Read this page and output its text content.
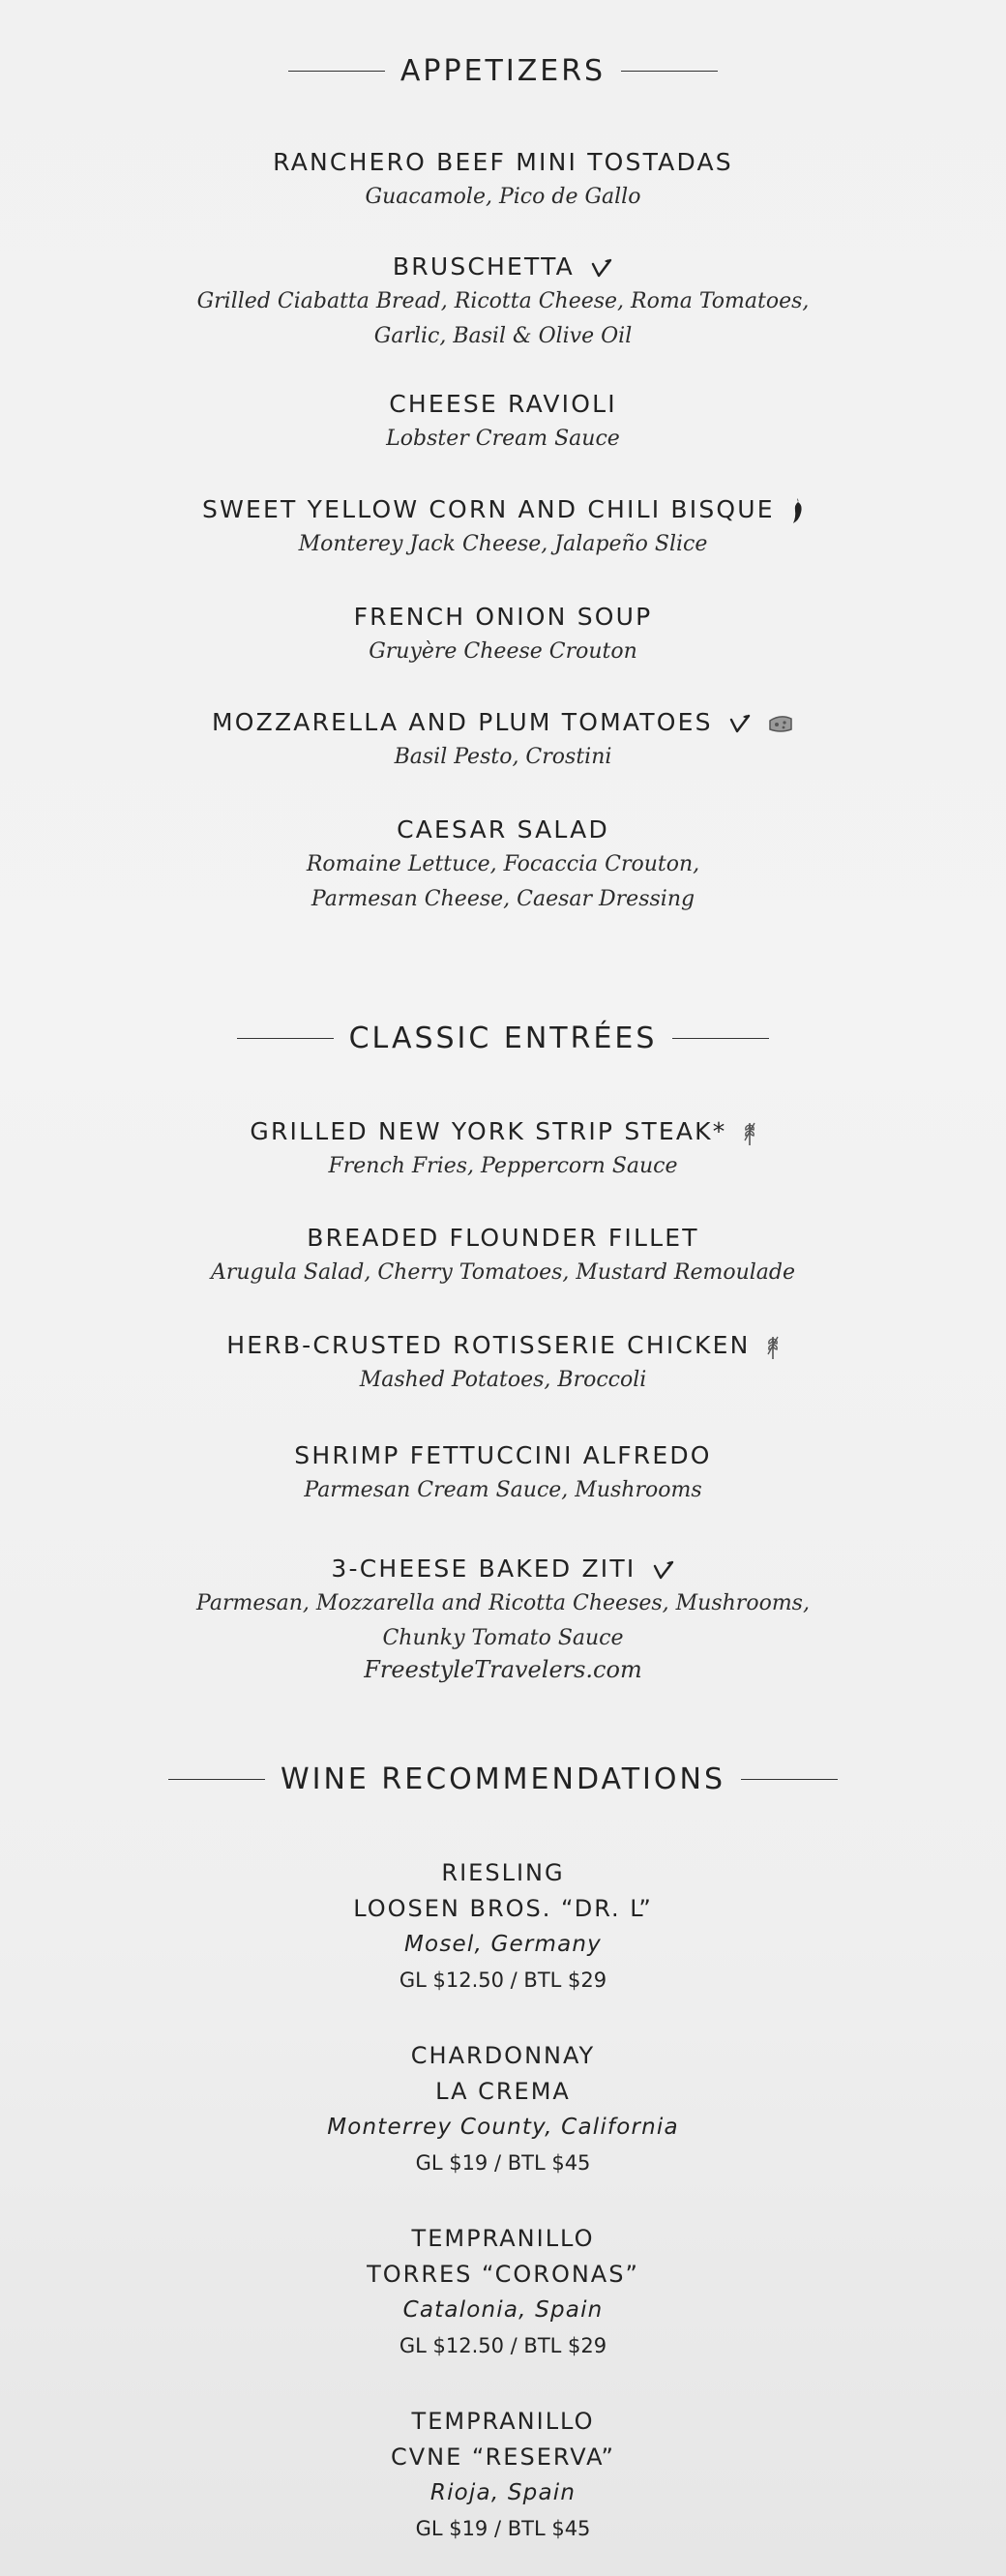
APPETIZERS
RANCHERO BEEF MINI TOSTADAS
Guacamole, Pico de Gallo
BRUSCHETTA
Grilled Ciabatta Bread, Ricotta Cheese, Roma Tomatoes,
Garlic, Basil & Olive Oil
CHEESE RAVIOLI
Lobster Cream Sauce
SWEET YELLOW CORN AND CHILI BISQUE
Monterey Jack Cheese, Jalapeño Slice
FRENCH ONION SOUP
Gruyère Cheese Crouton
MOZZARELLA AND PLUM TOMATOES
Basil Pesto, Crostini
CAESAR SALAD
Romaine Lettuce, Focaccia Crouton,
Parmesan Cheese, Caesar Dressing
CLASSIC ENTRÉES
GRILLED NEW YORK STRIP STEAK*
French Fries, Peppercorn Sauce
BREADED FLOUNDER FILLET
Arugula Salad, Cherry Tomatoes, Mustard Remoulade
HERB-CRUSTED ROTISSERIE CHICKEN
Mashed Potatoes, Broccoli
SHRIMP FETTUCCINI ALFREDO
Parmesan Cream Sauce, Mushrooms
3-CHEESE BAKED ZITI
Parmesan, Mozzarella and Ricotta Cheeses, Mushrooms,
Chunky Tomato Sauce
FreestyleTravelers.com
WINE RECOMMENDATIONS
RIESLING
LOOSEN BROS. “DR. L”
Mosel, Germany
GL $12.50 / BTL $29
CHARDONNAY
LA CREMA
Monterrey County, California
GL $19 / BTL $45
TEMPRANILLO
TORRES “CORONAS”
Catalonia, Spain
GL $12.50 / BTL $29
TEMPRANILLO
CVNE “RESERVA”
Rioja, Spain
GL $19 / BTL $45
